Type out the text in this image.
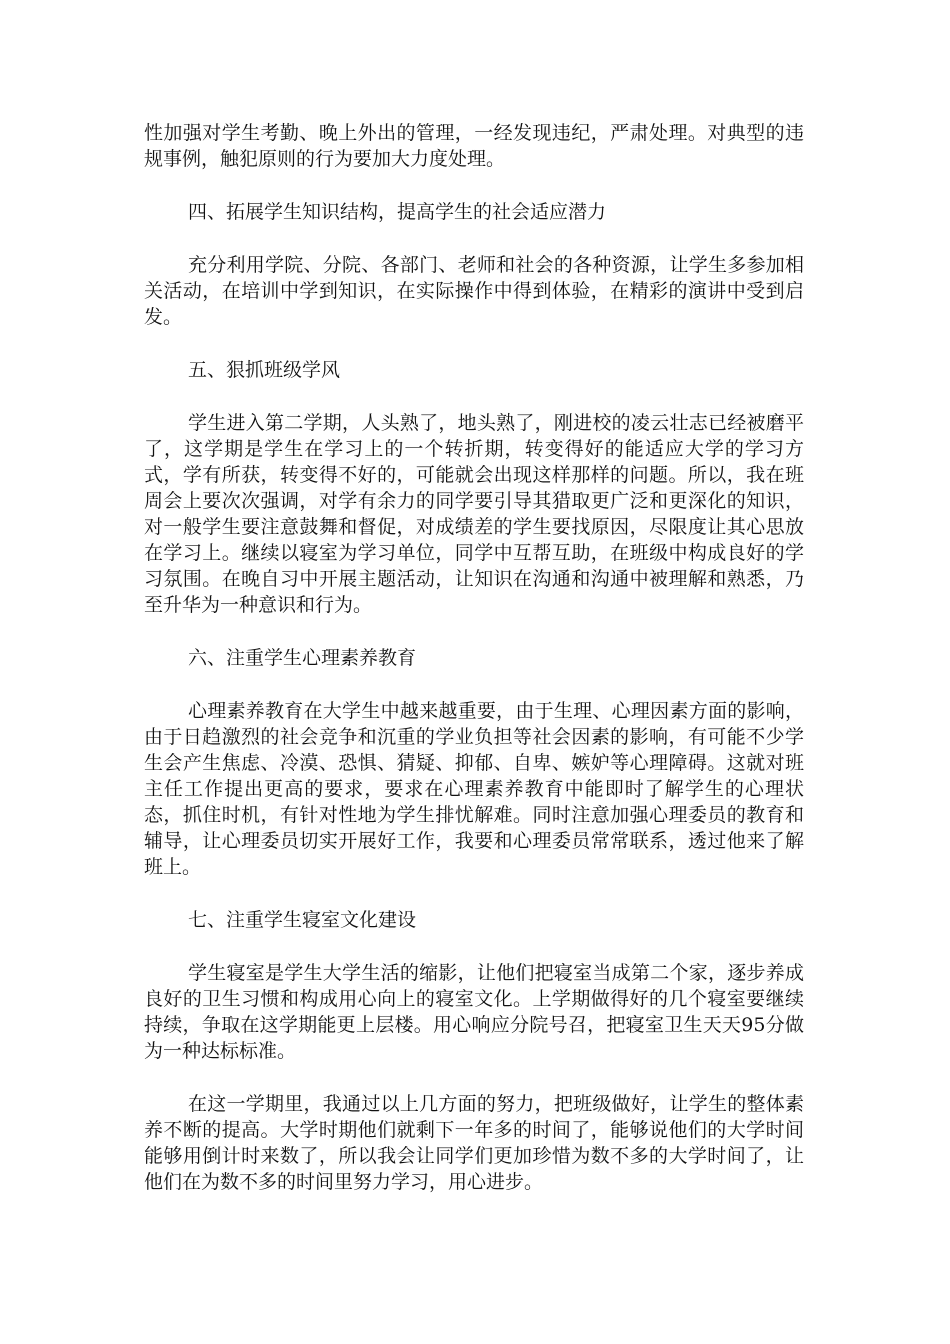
性加强对学生考勤、晚上外出的管理，一经发现违纪，严肃处理。对典型的违规事例，触犯原则的行为要加大力度处理。

四、拓展学生知识结构，提高学生的社会适应潜力

充分利用学院、分院、各部门、老师和社会的各种资源，让学生多参加相关活动，在培训中学到知识，在实际操作中得到体验，在精彩的演讲中受到启发。

五、狠抓班级学风

学生进入第二学期，人头熟了，地头熟了，刚进校的凌云壮志已经被磨平了，这学期是学生在学习上的一个转折期，转变得好的能适应大学的学习方式，学有所获，转变得不好的，可能就会出现这样那样的问题。所以，我在班周会上要次次强调，对学有余力的同学要引导其猎取更广泛和更深化的知识，对一般学生要注意鼓舞和督促，对成绩差的学生要找原因，尽限度让其心思放在学习上。继续以寝室为学习单位，同学中互帮互助，在班级中构成良好的学习氛围。在晚自习中开展主题活动，让知识在沟通和沟通中被理解和熟悉，乃至升华为一种意识和行为。

六、注重学生心理素养教育

心理素养教育在大学生中越来越重要，由于生理、心理因素方面的影响，由于日趋激烈的社会竞争和沉重的学业负担等社会因素的影响，有可能不少学生会产生焦虑、冷漠、恐惧、猜疑、抑郁、自卑、嫉妒等心理障碍。这就对班主任工作提出更高的要求，要求在心理素养教育中能即时了解学生的心理状态，抓住时机，有针对性地为学生排忧解难。同时注意加强心理委员的教育和辅导，让心理委员切实开展好工作，我要和心理委员常常联系，透过他来了解班上。

七、注重学生寝室文化建设

学生寝室是学生大学生活的缩影，让他们把寝室当成第二个家，逐步养成良好的卫生习惯和构成用心向上的寝室文化。上学期做得好的几个寝室要继续持续，争取在这学期能更上层楼。用心响应分院号召，把寝室卫生天天95分做为一种达标标准。

在这一学期里，我通过以上几方面的努力，把班级做好，让学生的整体素养不断的提高。大学时期他们就剩下一年多的时间了，能够说他们的大学时间能够用倒计时来数了，所以我会让同学们更加珍惜为数不多的大学时间了，让他们在为数不多的时间里努力学习，用心进步。
